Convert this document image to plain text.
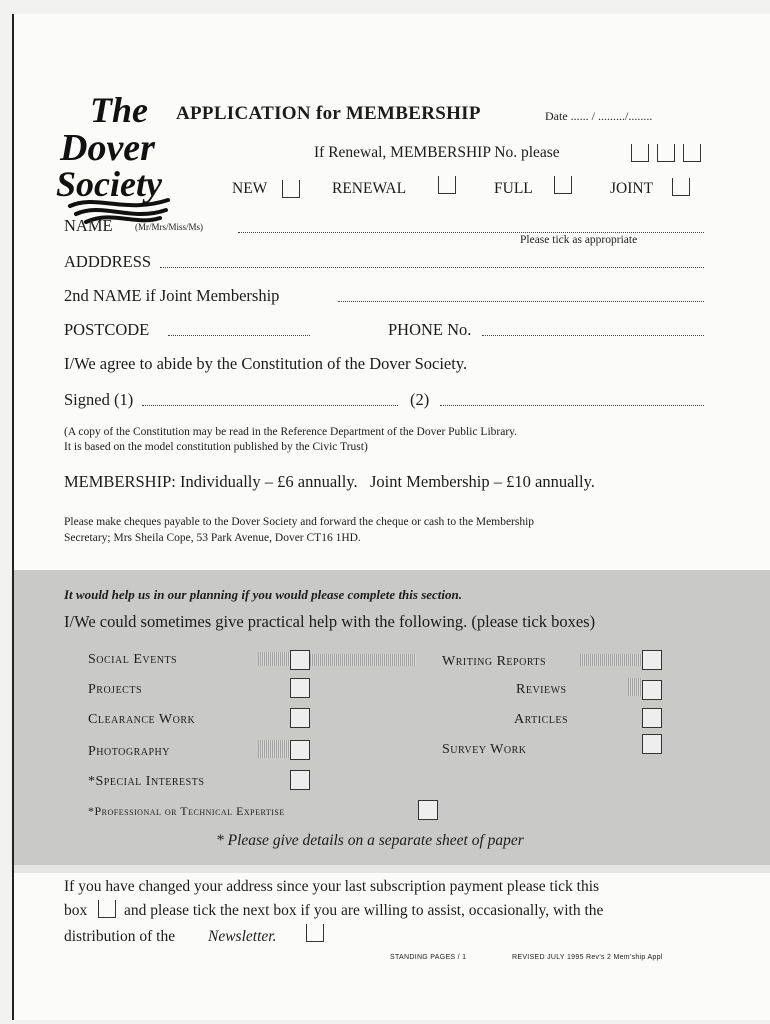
The
Dover
Society
APPLICATION for MEMBERSHIP	Date ...... / ........./........
If Renewal, MEMBERSHIP No. please
NEW	RENEWAL	FULL	JOINT
NAME (Mr/Mrs/Miss/Ms)
Please tick as appropriate
ADDDRESS
2nd NAME if Joint Membership
POSTCODE	PHONE No.
I/We agree to abide by the Constitution of the Dover Society.
Signed (1)	(2)
(A copy of the Constitution may be read in the Reference Department of the Dover Public Library.
It is based on the model constitution published by the Civic Trust)
MEMBERSHIP: Individually – £6 annually.   Joint Membership – £10 annually.
Please make cheques payable to the Dover Society and forward the cheque or cash to the Membership
Secretary; Mrs Sheila Cope, 53 Park Avenue, Dover CT16 1HD.
It would help us in our planning if you would please complete this section.
I/We could sometimes give practical help with the following. (please tick boxes)
Social Events
Projects
Clearance Work
Photography
*Special Interests
Writing Reports
Reviews
Articles
Survey Work
*Professional or Technical Expertise
* Please give details on a separate sheet of paper
If you have changed your address since your last subscription payment please tick this
box and please tick the next box if you are willing to assist, occasionally, with the
distribution of the Newsletter.
STANDING PAGES / 1	REVISED JULY 1995 Rev's 2 Mem'ship Appl
